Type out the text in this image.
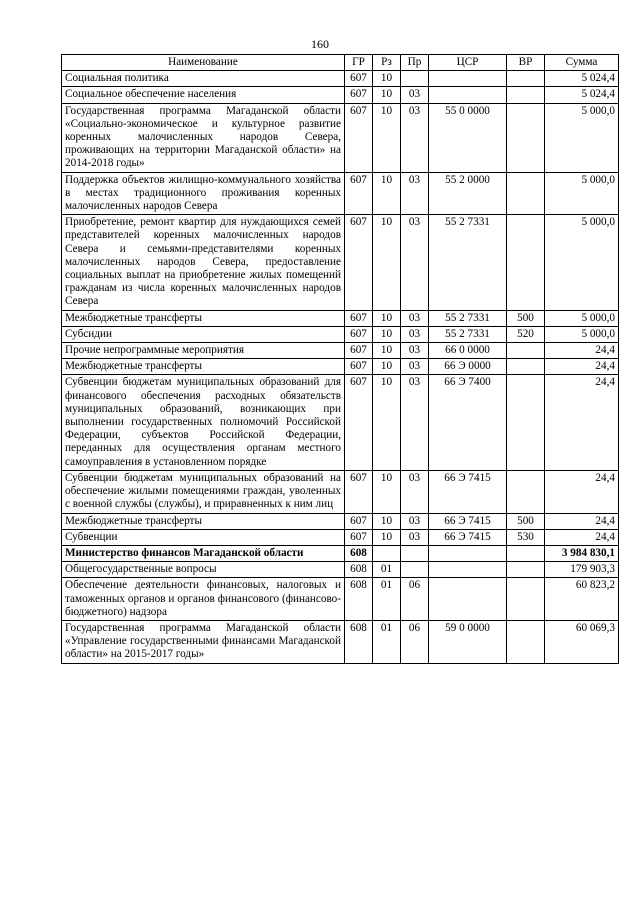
160
Наименование	ГР	Рз	Пр	ЦСР	ВР	Сумма
Социальная политика	607	10				5 024,4
Социальное обеспечение населения	607	10	03			5 024,4
Государственная программа Магаданской области «Социально-экономическое и культурное развитие коренных малочисленных народов Севера, проживающих на территории Магаданской области» на 2014-2018 годы»	607	10	03	55 0 0000		5 000,0
Поддержка объектов жилищно-коммунального хозяйства в местах традиционного проживания коренных малочисленных народов Севера	607	10	03	55 2 0000		5 000,0
Приобретение, ремонт квартир для нуждающихся семей представителей коренных малочисленных народов Севера и семьями-представителями коренных малочисленных народов Севера, предоставление социальных выплат на приобретение жилых помещений гражданам из числа коренных малочисленных народов Севера	607	10	03	55 2 7331		5 000,0
Межбюджетные трансферты	607	10	03	55 2 7331	500	5 000,0
Субсидии	607	10	03	55 2 7331	520	5 000,0
Прочие непрограммные мероприятия	607	10	03	66 0 0000		24,4
Межбюджетные трансферты	607	10	03	66 Э 0000		24,4
Субвенции бюджетам муниципальных образований для финансового обеспечения расходных обязательств муниципальных образований, возникающих при выполнении государственных полномочий Российской Федерации, субъектов Российской Федерации, переданных для осуществления органам местного самоуправления в установленном порядке	607	10	03	66 Э 7400		24,4
Субвенции бюджетам муниципальных образований на обеспечение жилыми помещениями граждан, уволенных с военной службы (службы), и приравненных к ним лиц	607	10	03	66 Э 7415		24,4
Межбюджетные трансферты	607	10	03	66 Э 7415	500	24,4
Субвенции	607	10	03	66 Э 7415	530	24,4
Министерство финансов Магаданской области	608					3 984 830,1
Общегосударственные вопросы	608	01				179 903,3
Обеспечение деятельности финансовых, налоговых и таможенных органов и органов финансового (финансово-бюджетного) надзора	608	01	06			60 823,2
Государственная программа Магаданской области «Управление государственными финансами Магаданской области» на 2015-2017 годы»	608	01	06	59 0 0000		60 069,3
